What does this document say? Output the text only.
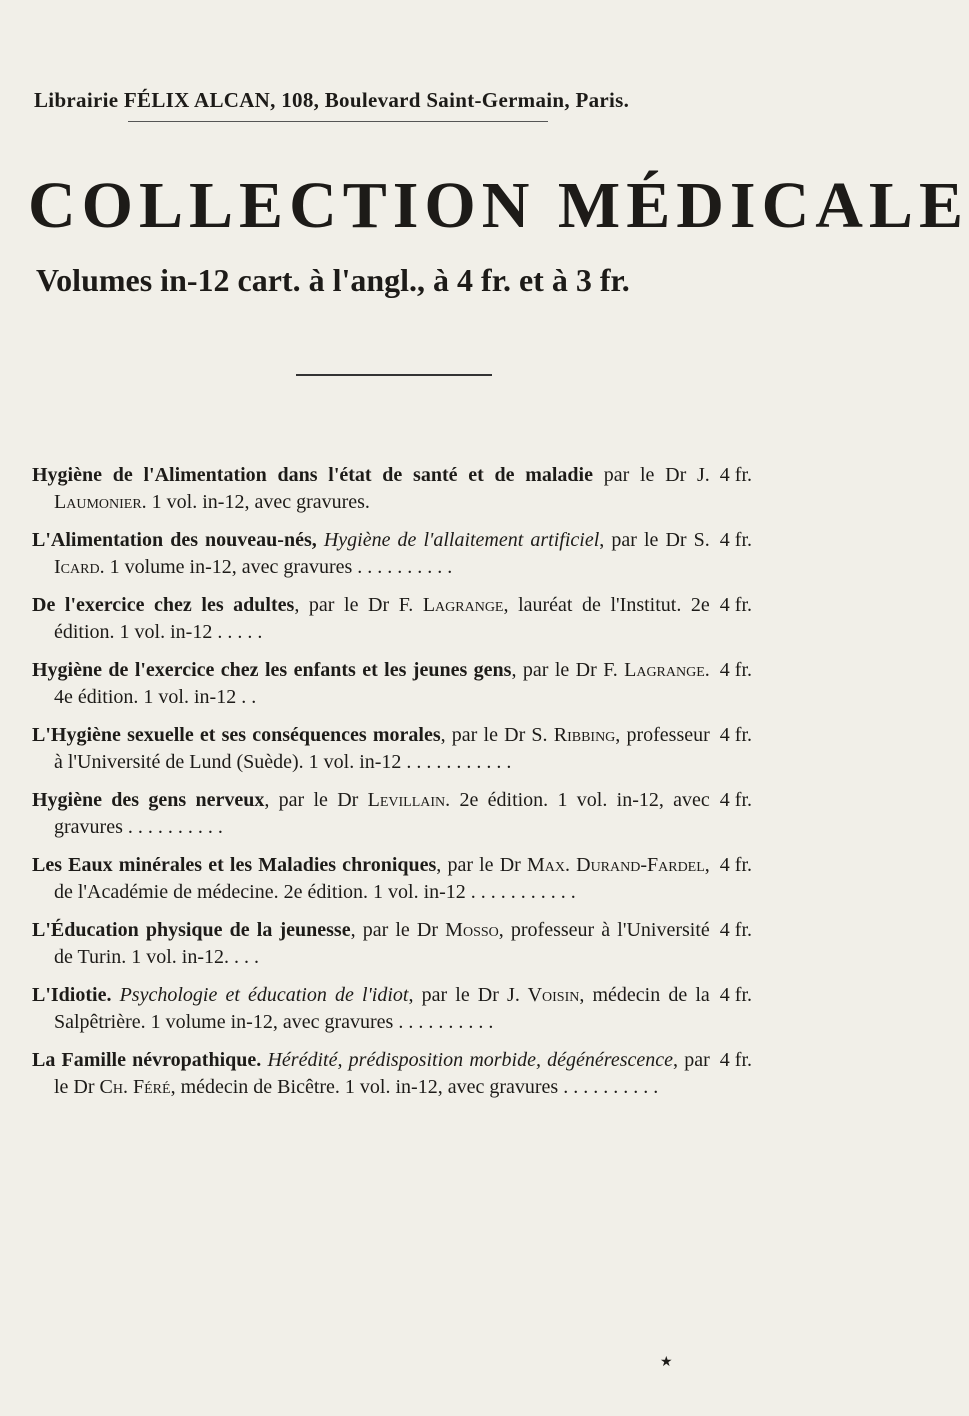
Librairie FÉLIX ALCAN, 108, Boulevard Saint-Germain, Paris.
COLLECTION MÉDICALE
Volumes in-12 cart. à l'angl., à 4 fr. et à 3 fr.
4 fr.
Hygiène de l'Alimentation dans l'état de santé et de maladie par le Dr J. Laumonier. 1 vol. in-12, avec gravures.
4 fr.
L'Alimentation des nouveau-nés, Hygiène de l'allaitement artificiel, par le Dr S. Icard. 1 volume in-12, avec gravures . . . . . . . . . .
4 fr.
De l'exercice chez les adultes, par le Dr F. Lagrange, lauréat de l'Institut. 2e édition. 1 vol. in-12 . . . . .
4 fr.
Hygiène de l'exercice chez les enfants et les jeunes gens, par le Dr F. Lagrange. 4e édition. 1 vol. in-12 . .
4 fr.
L'Hygiène sexuelle et ses conséquences morales, par le Dr S. Ribbing, professeur à l'Université de Lund (Suède). 1 vol. in-12 . . . . . . . . . . .
4 fr.
Hygiène des gens nerveux, par le Dr Levillain. 2e édition. 1 vol. in-12, avec gravures . . . . . . . . . .
4 fr.
Les Eaux minérales et les Maladies chroniques, par le Dr Max. Durand-Fardel, de l'Académie de médecine. 2e édition. 1 vol. in-12 . . . . . . . . . . .
4 fr.
L'Éducation physique de la jeunesse, par le Dr Mosso, professeur à l'Université de Turin. 1 vol. in-12. . . .
4 fr.
L'Idiotie. Psychologie et éducation de l'idiot, par le Dr J. Voisin, médecin de la Salpêtrière. 1 volume in-12, avec gravures . . . . . . . . . .
4 fr.
La Famille névropathique. Hérédité, prédisposition morbide, dégénérescence, par le Dr Ch. Féré, médecin de Bicêtre. 1 vol. in-12, avec gravures . . . . . . . . . .
★
